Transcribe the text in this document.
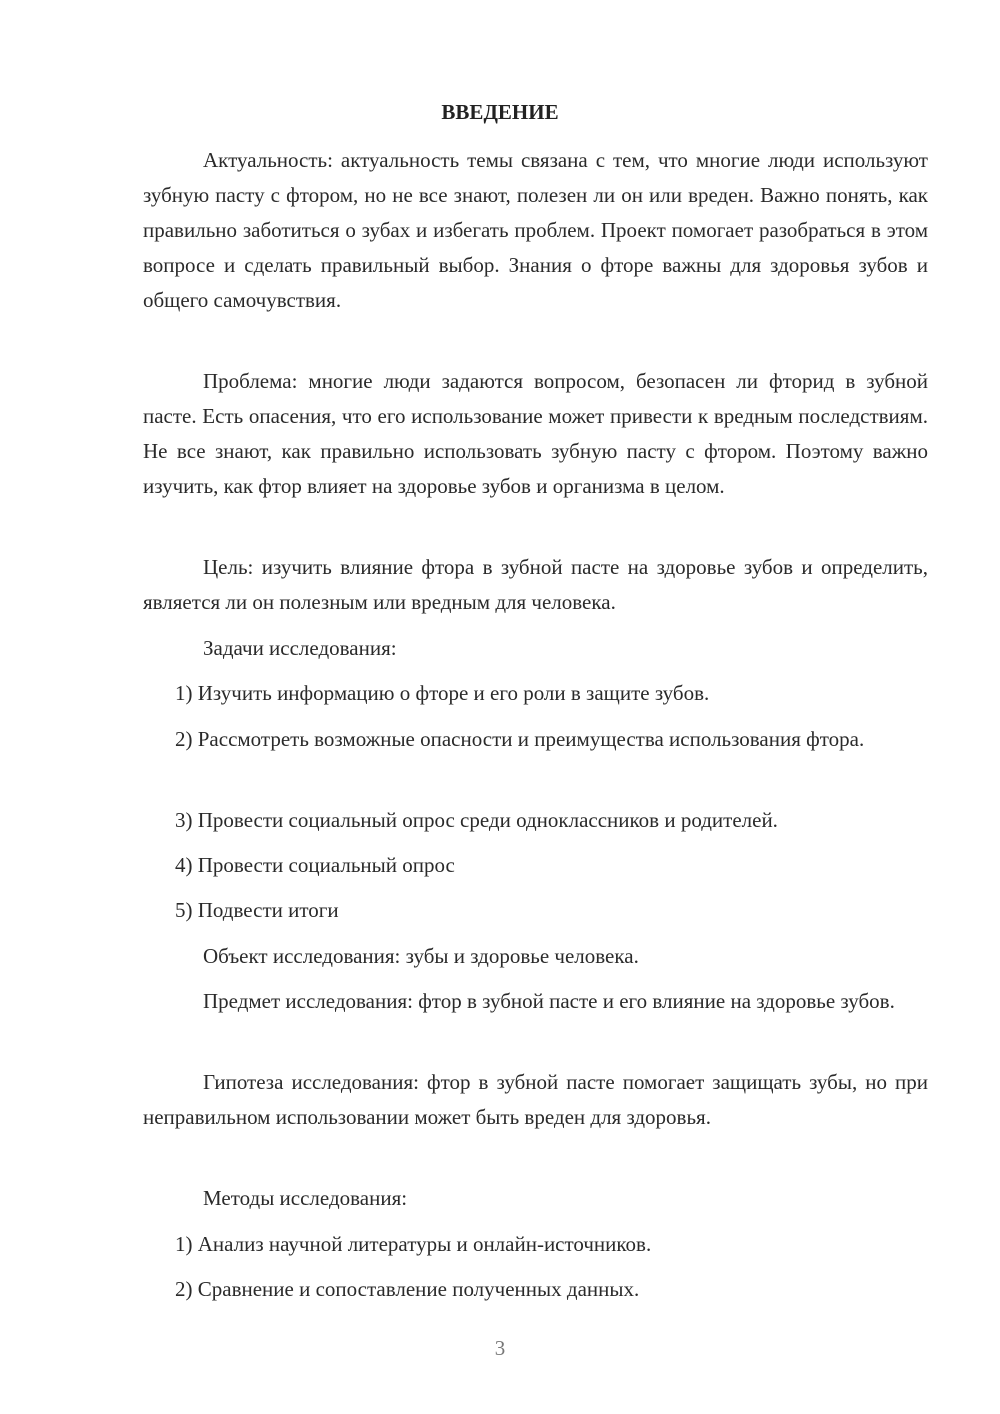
ВВЕДЕНИЕ

Актуальность: актуальность темы связана с тем, что многие люди используют зубную пасту с фтором, но не все знают, полезен ли он или вреден. Важно понять, как правильно заботиться о зубах и избегать проблем. Проект помогает разобраться в этом вопросе и сделать правильный выбор. Знания о фторе важны для здоровья зубов и общего самочувствия.

Проблема: многие люди задаются вопросом, безопасен ли фторид в зубной пасте. Есть опасения, что его использование может привести к вредным последствиям. Не все знают, как правильно использовать зубную пасту с фтором. Поэтому важно изучить, как фтор влияет на здоровье зубов и организма в целом.

Цель: изучить влияние фтора в зубной пасте на здоровье зубов и определить, является ли он полезным или вредным для человека.

Задачи исследования:

1) Изучить информацию о фторе и его роли в защите зубов.

2) Рассмотреть возможные опасности и преимущества использования фтора.

3) Провести социальный опрос среди одноклассников и родителей.

4) Провести социальный опрос

5) Подвести итоги

Объект исследования: зубы и здоровье человека.

Предмет исследования: фтор в зубной пасте и его влияние на здоровье зубов.

Гипотеза исследования: фтор в зубной пасте помогает защищать зубы, но при неправильном использовании может быть вреден для здоровья.

Методы исследования:

1) Анализ научной литературы и онлайн-источников.

2) Сравнение и сопоставление полученных данных.

3
